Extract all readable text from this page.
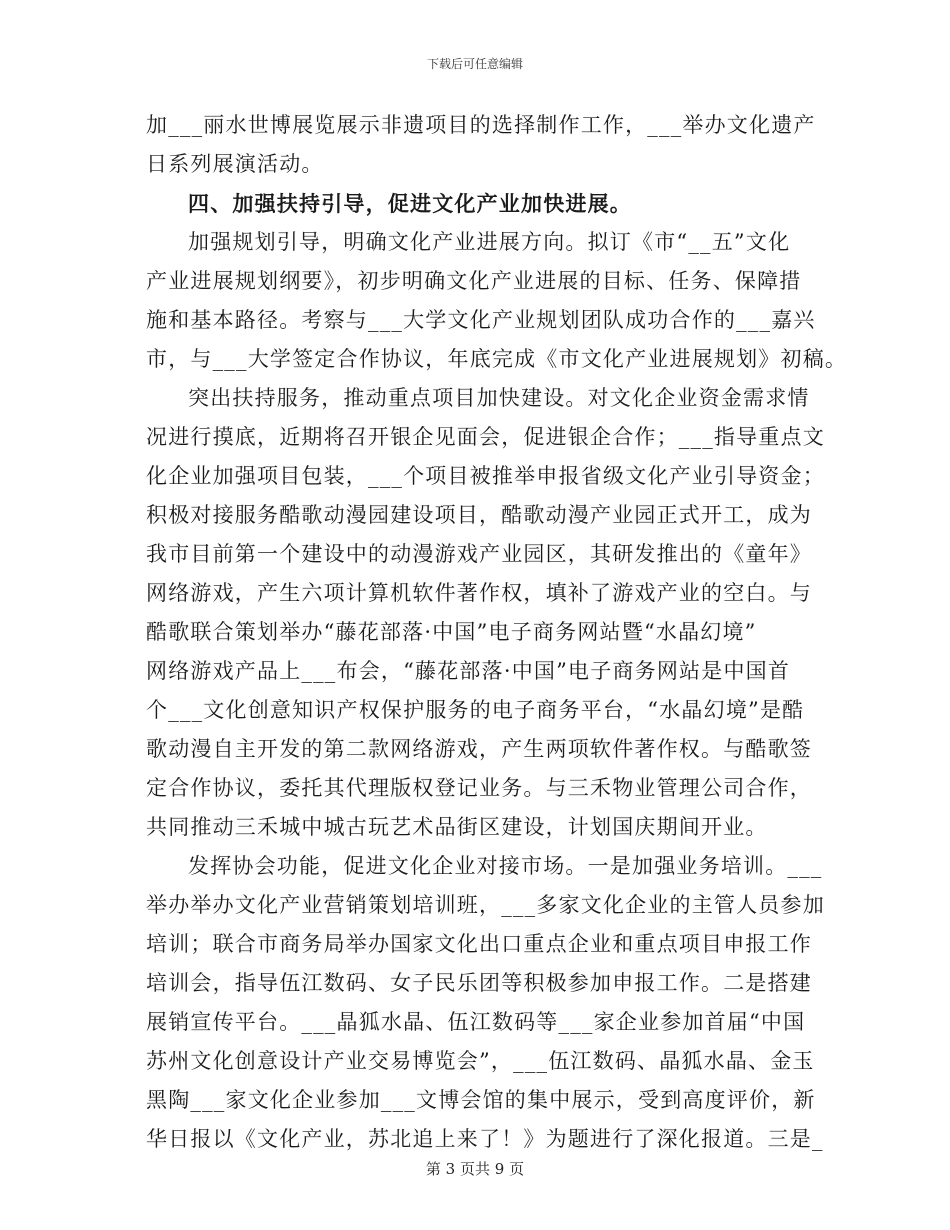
下载后可任意编辑
加___丽水世博展览展示非遗项目的选择制作工作，___举办文化遗产
日系列展演活动。
四、加强扶持引导，促进文化产业加快进展。
加强规划引导，明确文化产业进展方向。拟订《市“__五”文化
产业进展规划纲要》，初步明确文化产业进展的目标、任务、保障措
施和基本路径。考察与___大学文化产业规划团队成功合作的___嘉兴
市，与___大学签定合作协议，年底完成《市文化产业进展规划》初稿。
突出扶持服务，推动重点项目加快建设。对文化企业资金需求情
况进行摸底，近期将召开银企见面会，促进银企合作；___指导重点文
化企业加强项目包装，___个项目被推举申报省级文化产业引导资金；
积极对接服务酷歌动漫园建设项目，酷歌动漫产业园正式开工，成为
我市目前第一个建设中的动漫游戏产业园区，其研发推出的《童年》
网络游戏，产生六项计算机软件著作权，填补了游戏产业的空白。与
酷歌联合策划举办“藤花部落·中国”电子商务网站暨“水晶幻境”
网络游戏产品上___布会，“藤花部落·中国”电子商务网站是中国首
个___文化创意知识产权保护服务的电子商务平台，“水晶幻境”是酷
歌动漫自主开发的第二款网络游戏，产生两项软件著作权。与酷歌签
定合作协议，委托其代理版权登记业务。与三禾物业管理公司合作，
共同推动三禾城中城古玩艺术品街区建设，计划国庆期间开业。
发挥协会功能，促进文化企业对接市场。一是加强业务培训。___
举办举办文化产业营销策划培训班，___多家文化企业的主管人员参加
培训；联合市商务局举办国家文化出口重点企业和重点项目申报工作
培训会，指导伍江数码、女子民乐团等积极参加申报工作。二是搭建
展销宣传平台。___晶狐水晶、伍江数码等___家企业参加首届“中国
苏州文化创意设计产业交易博览会”，___伍江数码、晶狐水晶、金玉
黑陶___家文化企业参加___文博会馆的集中展示，受到高度评价，新
华日报以《文化产业，苏北追上来了！》为题进行了深化报道。三是_
第 3 页共 9 页
